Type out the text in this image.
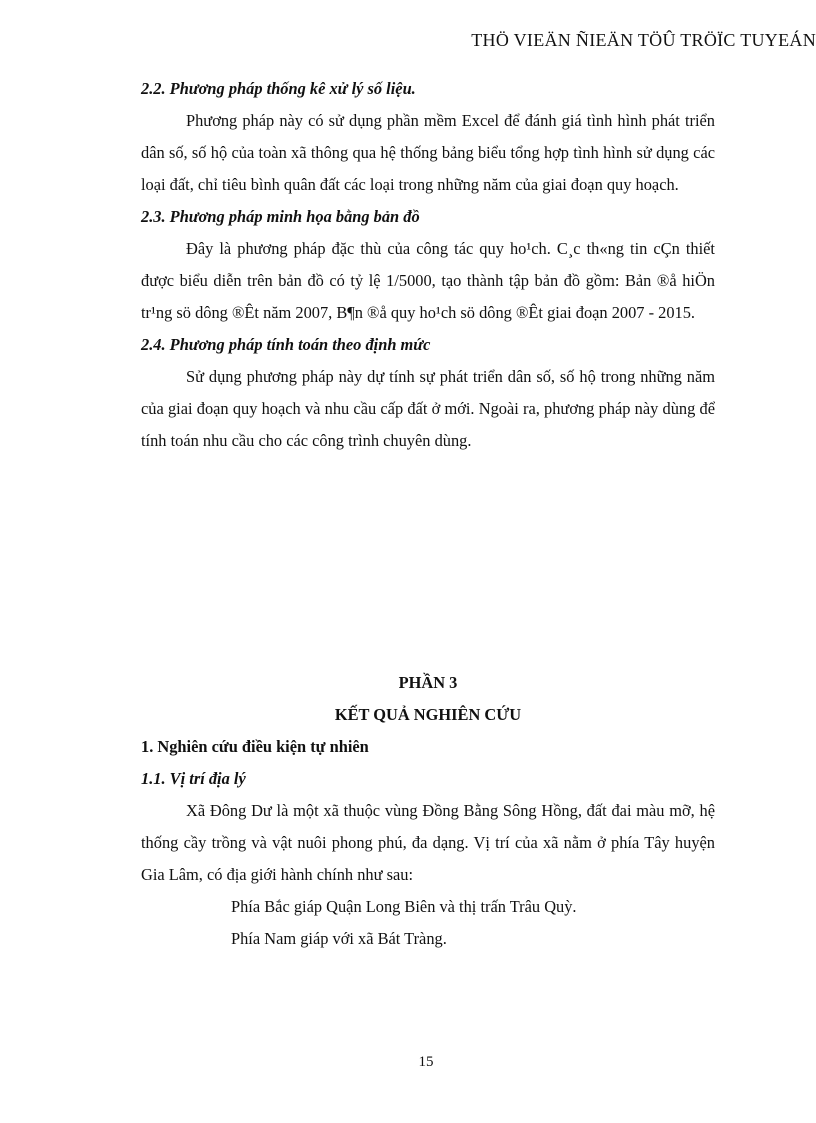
THÖ VIEÄN ÑIEÄN TÖÛ TRÖÏC TUYEÁN

2.2. Phương pháp thống kê xử lý số liệu.

Phương pháp này có sử dụng phần mềm Excel để đánh giá tình hình phát triển dân số, số hộ của toàn xã thông qua hệ thống bảng biểu tổng hợp tình hình sử dụng các loại đất, chỉ tiêu bình quân đất các loại trong những năm của giai đoạn quy hoạch.

2.3. Phương pháp minh họa bằng bản đồ

Đây là phương pháp đặc thù của công tác quy ho¹ch. C¸c th«ng tin cÇn thiết được biểu diễn trên bản đồ có tỷ lệ 1/5000, tạo thành tập bản đồ gồm: Bản ®å hiÖn tr¹ng sö dông ®Êt năm 2007, B¶n ®å quy ho¹ch sö dông ®Êt giai đoạn 2007 - 2015.

2.4. Phương pháp tính toán theo định mức

Sử dụng phương pháp này dự tính sự phát triển dân số, số hộ trong những năm của giai đoạn quy hoạch và nhu cầu cấp đất ở mới. Ngoài ra, phương pháp này dùng để tính toán nhu cầu cho các công trình chuyên dùng.

PHẦN 3
KẾT QUẢ NGHIÊN CỨU

1. Nghiên cứu điều kiện tự nhiên

1.1. Vị trí địa lý

Xã Đông Dư là một xã thuộc vùng Đồng Bằng Sông Hồng, đất đai màu mỡ, hệ thống cầy trồng và vật nuôi phong phú, đa dạng. Vị trí của xã nằm ở phía Tây huyện Gia Lâm, có địa giới hành chính như sau:

Phía Bắc giáp Quận Long Biên và thị trấn Trâu Quỳ.

Phía Nam giáp với xã Bát Tràng.

15
